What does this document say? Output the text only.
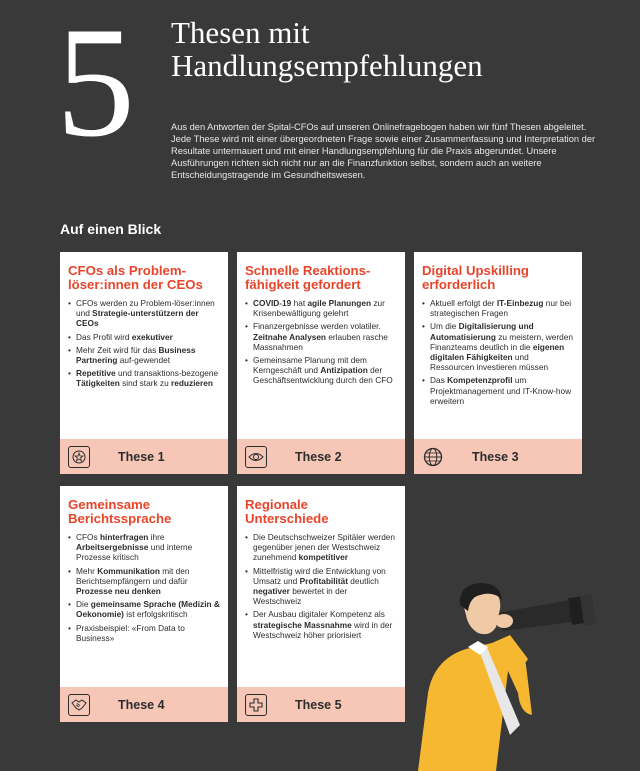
5 Thesen mit
Handlungsempfehlungen

Aus den Antworten der Spital-CFOs auf unseren Onlinefragebogen haben wir fünf Thesen abgeleitet. Jede These wird mit einer übergeordneten Frage sowie einer Zusammenfassung und Interpretation der Resultate untermauert und mit einer Handlungsempfehlung für die Praxis abgerundet. Unsere Ausführungen richten sich nicht nur an die Finanzfunktion selbst, sondern auch an weitere Entscheidungstragende im Gesundheitswesen.

Auf einen Blick
CFOs als Problem-
löser:innen der CEOs
• CFOs werden zu Problem-löser:innen und Strategie-unterstützern der CEOs
• Das Profil wird exekutiver
• Mehr Zeit wird für das Business Partnering auf-gewendet
• Repetitive und transaktions-bezogene Tätigkeiten sind stark zu reduzieren
These 1
Schnelle Reaktions-
fähigkeit gefordert
• COVID-19 hat agile Planungen zur Krisenbewältigung gelehrt
• Finanzergebnisse werden volatiler. Zeitnahe Analysen erlauben rasche Massnahmen
• Gemeinsame Planung mit dem Kerngeschäft und Antizipation der Geschäftsentwicklung durch den CFO
These 2
Digital Upskilling
erforderlich
• Aktuell erfolgt der IT-Einbezug nur bei strategischen Fragen
• Um die Digitalisierung und Automatisierung zu meistern, werden Finanzteams deutlich in die eigenen digitalen Fähigkeiten und Ressourcen investieren müssen
• Das Kompetenzprofil um Projektmanagement und IT-Know-how erweitern
These 3
Gemeinsame
Berichtssprache
• CFOs hinterfragen ihre Arbeitsergebnisse und interne Prozesse kritisch
• Mehr Kommunikation mit den Berichtsempfängern und dafür Prozesse neu denken
• Die gemeinsame Sprache (Medizin & Oekonomie) ist erfolgskritisch
• Praxisbeispiel: «From Data to Business»
These 4
Regionale
Unterschiede
• Die Deutschschweizer Spitäler werden gegenüber jenen der Westschweiz zunehmend kompetitiver
• Mittelfristig wird die Entwicklung von Umsatz und Profitabilität deutlich negativer bewertet in der Westschweiz
• Der Ausbau digitaler Kompetenz als strategische Massnahme wird in der Westschweiz höher priorisiert
These 5
